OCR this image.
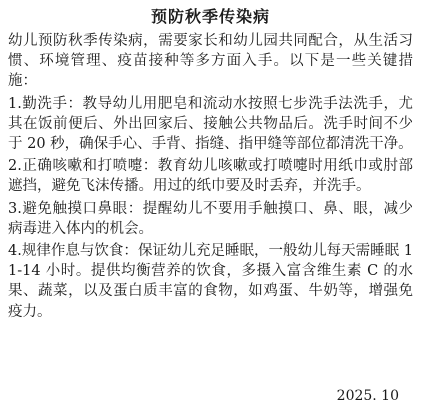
预防秋季传染病

幼儿预防秋季传染病，需要家长和幼儿园共同配合，从生活习惯、环境管理、疫苗接种等多方面入手。以下是一些关键措施：

1.勤洗手：教导幼儿用肥皂和流动水按照七步洗手法洗手，尤其在饭前便后、外出回家后、接触公共物品后。洗手时间不少于 20 秒，确保手心、手背、指缝、指甲缝等部位都清洗干净。

2.正确咳嗽和打喷嚏：教育幼儿咳嗽或打喷嚏时用纸巾或肘部遮挡，避免飞沫传播。用过的纸巾要及时丢弃，并洗手。

3.避免触摸口鼻眼：提醒幼儿不要用手触摸口、鼻、眼，减少病毒进入体内的机会。

4.规律作息与饮食：保证幼儿充足睡眠，一般幼儿每天需睡眠 11-14 小时。提供均衡营养的饮食，多摄入富含维生素 C 的水果、蔬菜，以及蛋白质丰富的食物，如鸡蛋、牛奶等，增强免疫力。

2025. 10
